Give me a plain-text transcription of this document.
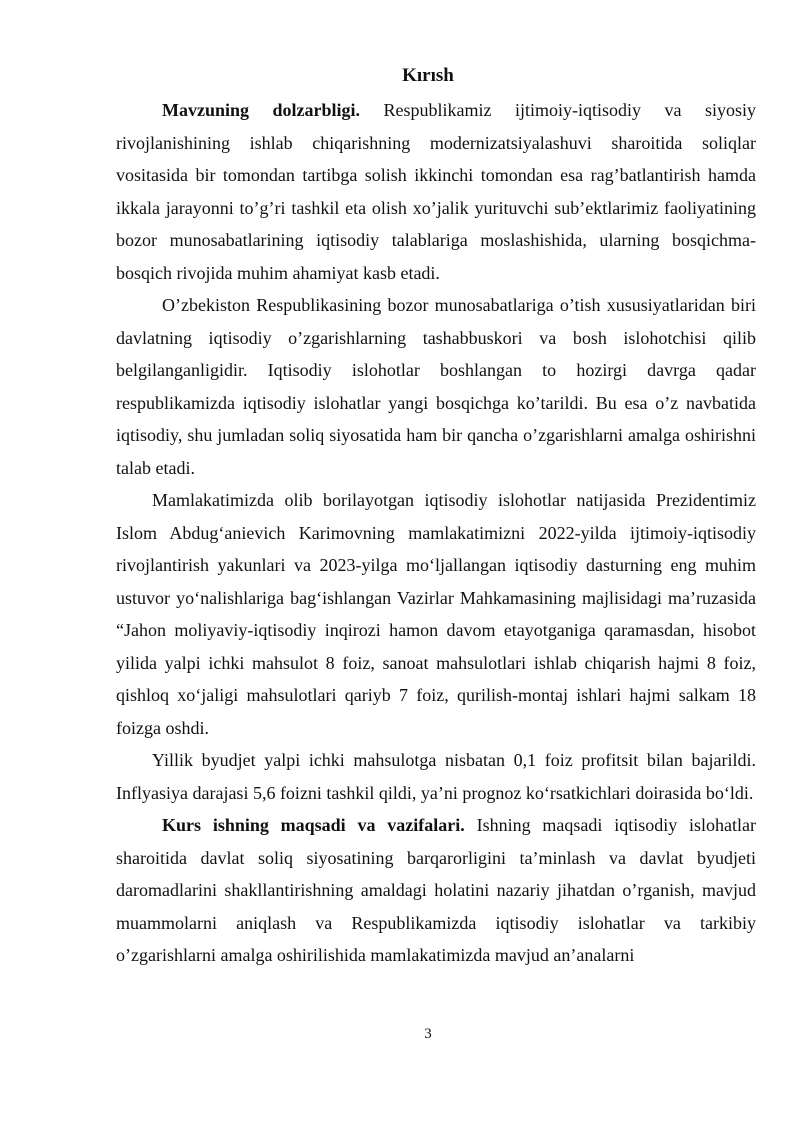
Kırısh

Mavzuning dolzarbligi. Respublikamiz ijtimoiy-iqtisodiy va siyosiy rivojlanishining ishlab chiqarishning modernizatsiyalashuvi sharoitida soliqlar vositasida bir tomondan tartibga solish ikkinchi tomondan esa rag’batlantirish hamda ikkala jarayonni to’g’ri tashkil eta olish xo’jalik yurituvchi sub’ektlarimiz faoliyatining bozor munosabatlarining iqtisodiy talablariga moslashishida, ularning bosqichma-bosqich rivojida muhim ahamiyat kasb etadi.

O’zbekiston Respublikasining bozor munosabatlariga o’tish xususiyatlaridan biri davlatning iqtisodiy o’zgarishlarning tashabbuskori va bosh islohotchisi qilib belgilanganligidir. Iqtisodiy islohotlar boshlangan to hozirgi davrga qadar respublikamizda iqtisodiy islohatlar yangi bosqichga ko’tarildi. Bu esa o’z navbatida iqtisodiy, shu jumladan soliq siyosatida ham bir qancha o’zgarishlarni amalga oshirishni talab etadi.

Mamlakatimizda olib borilayotgan iqtisodiy islohotlar natijasida Prezidentimiz Islom Abdug‘anievich Karimovning mamlakatimizni 2022-yilda ijtimoiy-iqtisodiy rivojlantirish yakunlari va 2023-yilga mo‘ljallangan iqtisodiy dasturning eng muhim ustuvor yo‘nalishlariga bag‘ishlangan Vazirlar Mahkamasining majlisidagi ma’ruzasida “Jahon moliyaviy-iqtisodiy inqirozi hamon davom etayotganiga qaramasdan, hisobot yilida yalpi ichki mahsulot 8 foiz, sanoat mahsulotlari ishlab chiqarish hajmi 8 foiz, qishloq xo‘jaligi mahsulotlari qariyb 7 foiz, qurilish-montaj ishlari hajmi salkam 18 foizga oshdi.

Yillik byudjet yalpi ichki mahsulotga nisbatan 0,1 foiz profitsit bilan bajarildi. Inflyasiya darajasi 5,6 foizni tashkil qildi, ya’ni prognoz ko‘rsatkichlari doirasida bo‘ldi.

Kurs ishning maqsadi va vazifalari. Ishning maqsadi iqtisodiy islohatlar sharoitida davlat soliq siyosatining barqarorligini ta’minlash va davlat byudjeti daromadlarini shakllantirishning amaldagi holatini nazariy jihatdan o’rganish, mavjud muammolarni aniqlash va Respublikamizda iqtisodiy islohatlar va tarkibiy o’zgarishlarni amalga oshirilishida mamlakatimizda mavjud an’analarni

3
